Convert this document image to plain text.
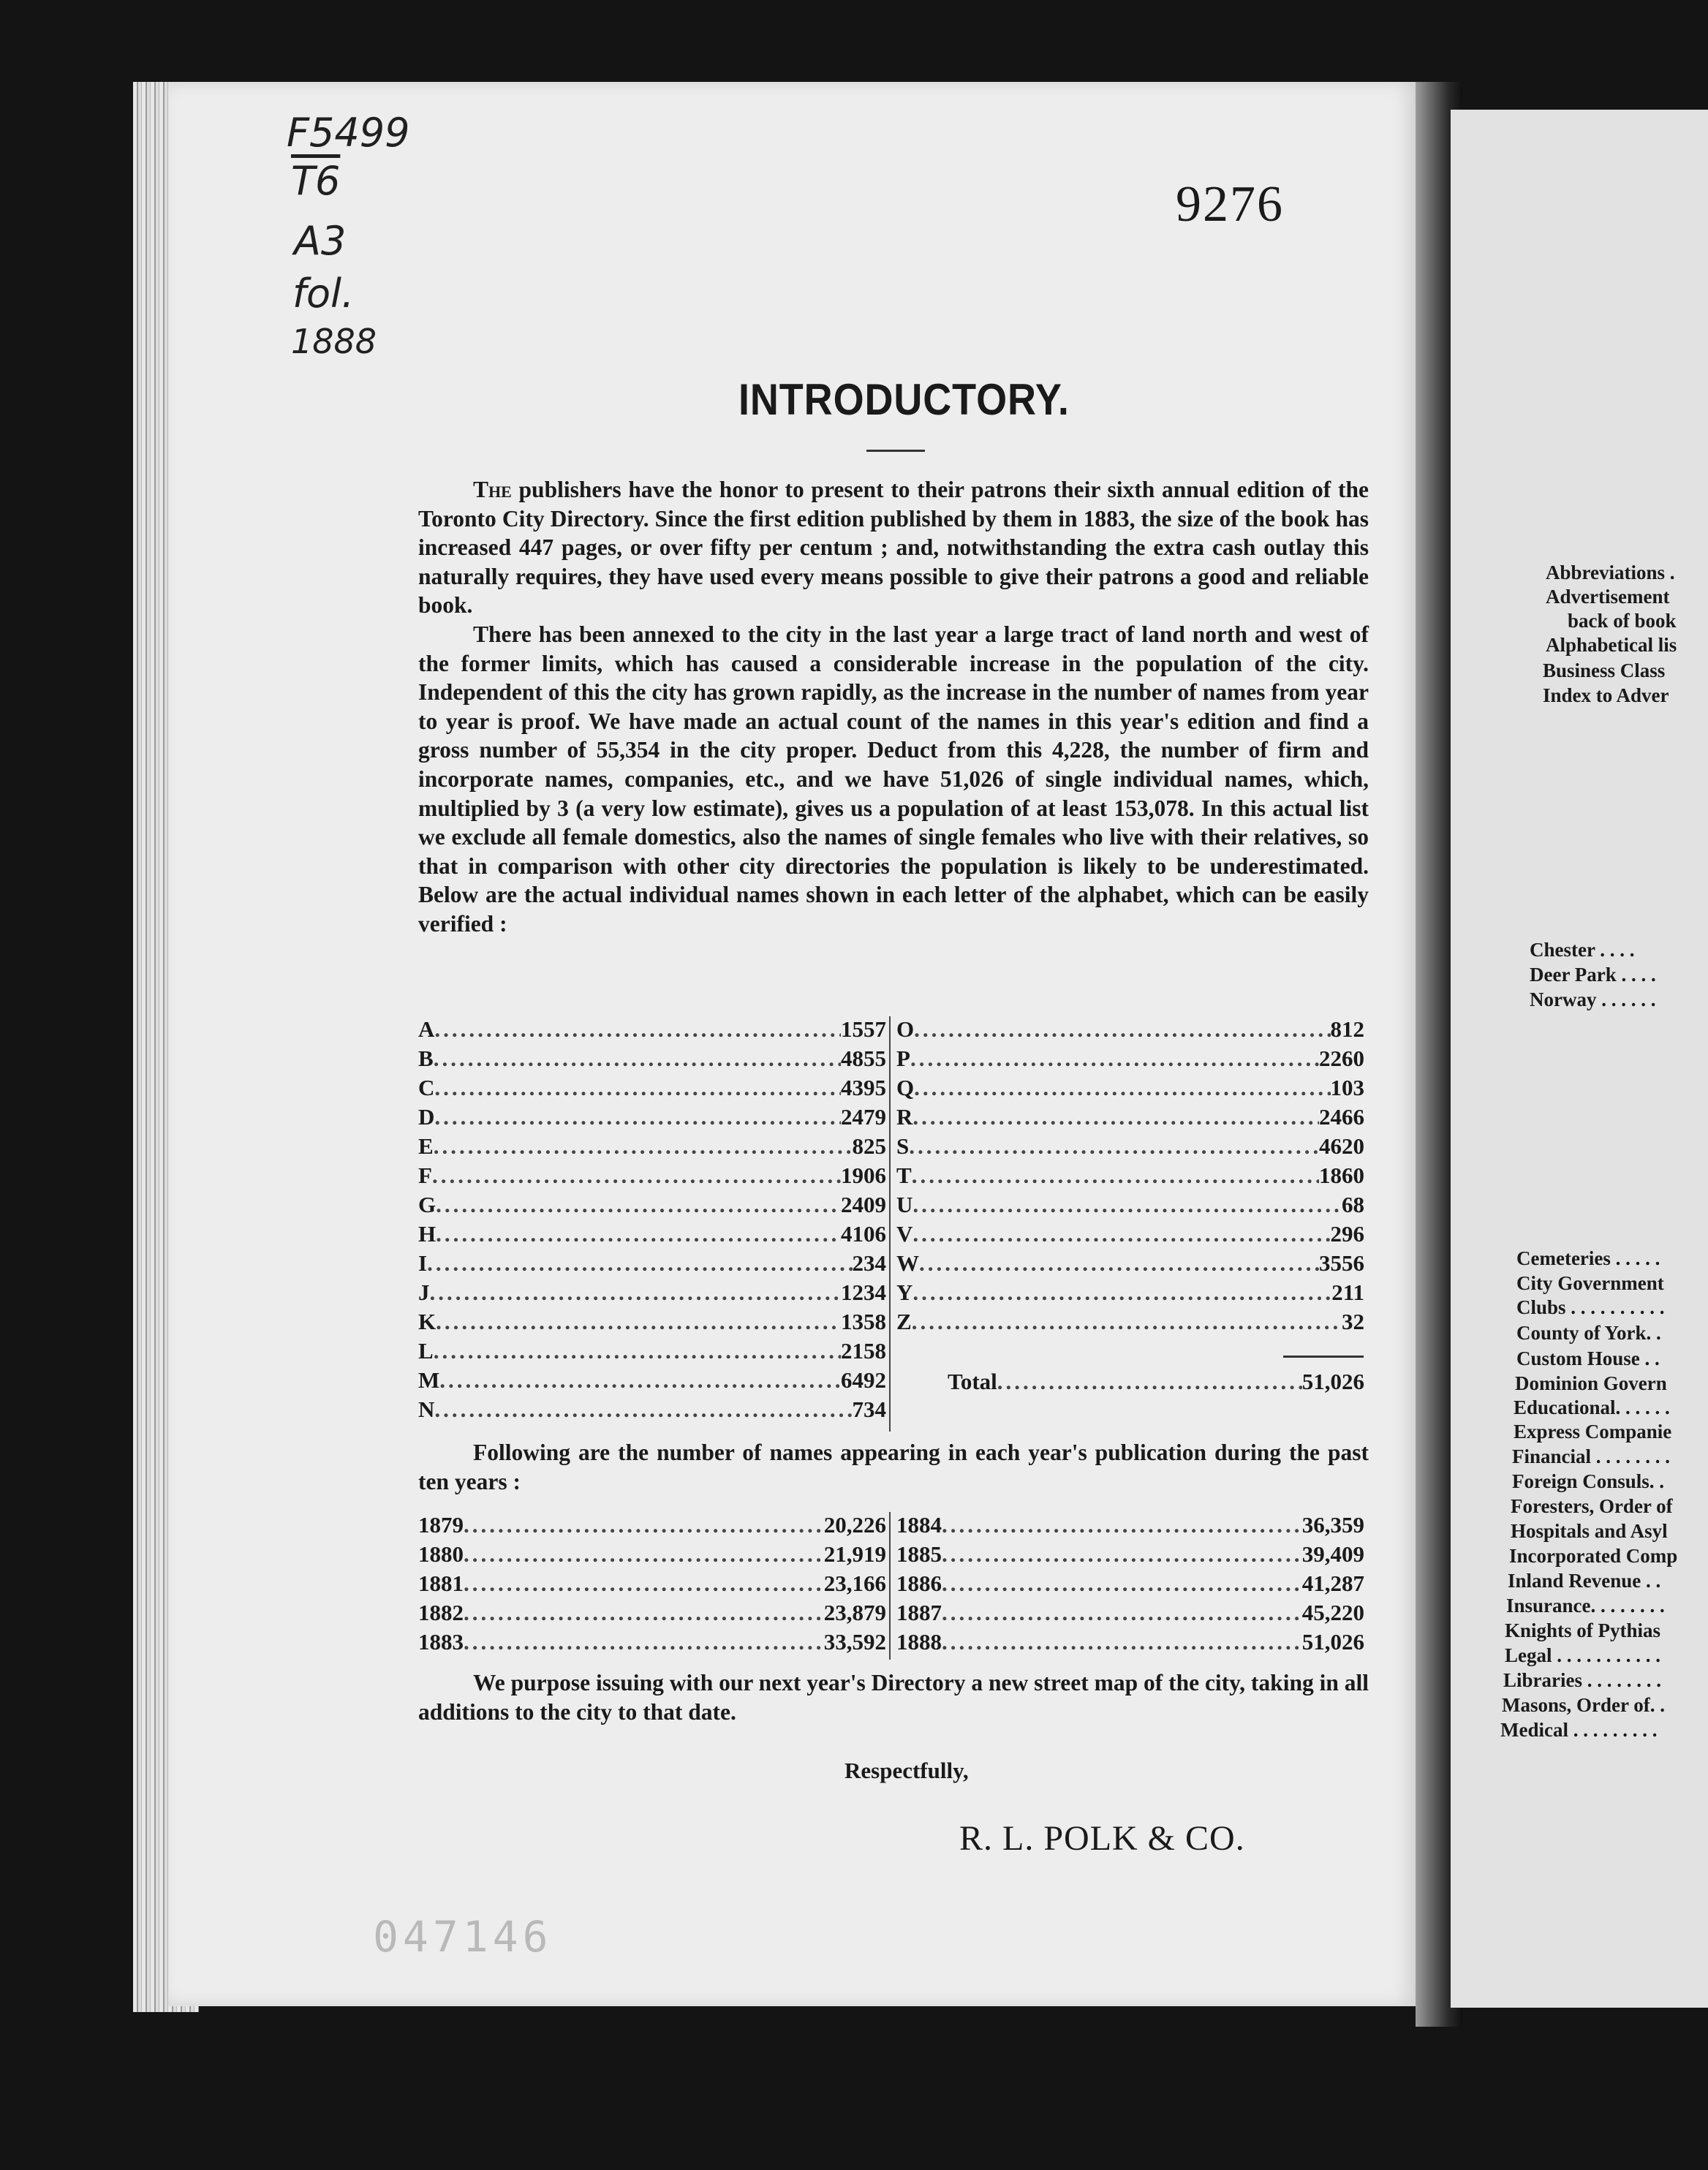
Abbreviations .
Advertisement
back of book
Alphabetical lis
Business Class
Index to Adver
Chester . . . .
Deer Park . . . .
Norway . . . . . .
Cemeteries . . . . .
City Government
Clubs . . . . . . . . . .
County of York. .
Custom House . .
Dominion Govern
Educational. . . . . .
Express Companie
Financial . . . . . . . .
Foreign Consuls. .
Foresters, Order of
Hospitals and Asyl
Incorporated Comp
Inland Revenue . .
Insurance. . . . . . . .
Knights of Pythias
Legal . . . . . . . . . . .
Libraries . . . . . . . .
Masons, Order of. .
Medical . . . . . . . . .
F5499
T6
A3
fol.
1888
9276
INTRODUCTORY.

The publishers have the honor to present to their patrons their sixth annual edition of the Toronto City Directory. Since the first edition published by them in 1883, the size of the book has increased 447 pages, or over fifty per centum ; and, notwithstanding the extra cash outlay this naturally requires, they have used every means possible to give their patrons a good and reliable book.

There has been annexed to the city in the last year a large tract of land north and west of the former limits, which has caused a considerable increase in the population of the city. Independent of this the city has grown rapidly, as the increase in the number of names from year to year is proof. We have made an actual count of the names in this year's edition and find a gross number of 55,354 in the city proper. Deduct from this 4,228, the number of firm and incorporate names, companies, etc., and we have 51,026 of single individual names, which, multiplied by 3 (a very low estimate), gives us a population of at least 153,078. In this actual list we exclude all female domestics, also the names of single females who live with their relatives, so that in comparison with other city directories the population is likely to be underestimated. Below are the actual individual names shown in each letter of the alphabet, which can be easily verified :

A .....	1557
B .....	4855
C .....	4395
D .....	2479
E .....	825
F .....	1906
G .....	2409
H .....	4106
I .....	234
J .....	1234
K .....	1358
L .....	2158
M .....	6492
N .....	734
O .....	812
P .....	2260
Q .....	103
R .....	2466
S .....	4620
T .....	1860
U .....	68
V .....	296
W .....	3556
Y .....	211
Z .....	32
Total .....	51,026

Following are the number of names appearing in each year's publication during the past ten years :

1879 .....	20,226
1880 .....	21,919
1881 .....	23,166
1882 .....	23,879
1883 .....	33,592
1884 .....	36,359
1885 .....	39,409
1886 .....	41,287
1887 .....	45,220
1888 .....	51,026

We purpose issuing with our next year's Directory a new street map of the city, taking in all additions to the city to that date.

Respectfully,
R. L. POLK & CO.
047146
